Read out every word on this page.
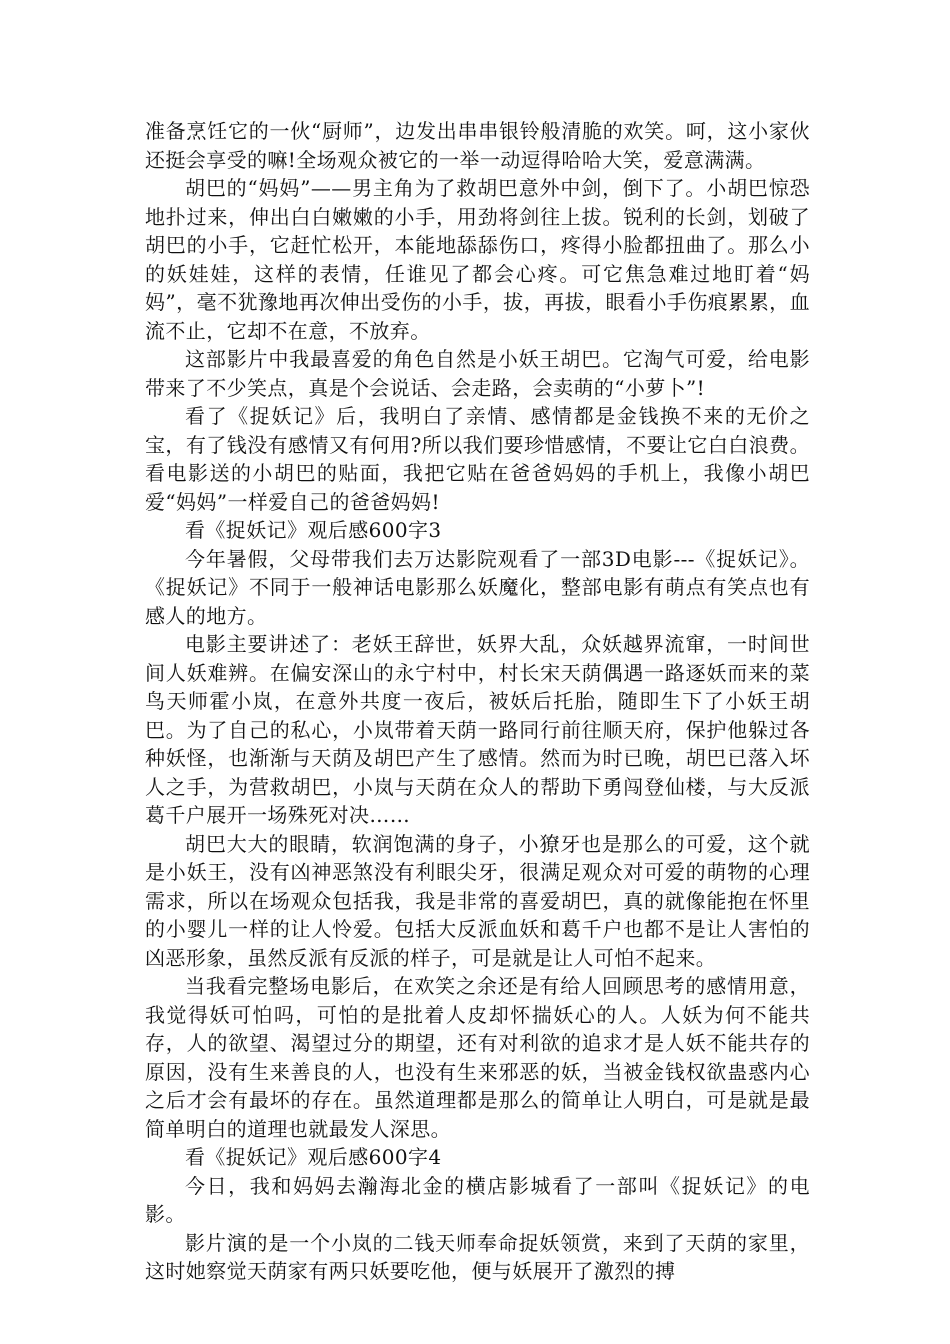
准备烹饪它的一伙“厨师”，边发出串串银铃般清脆的欢笑。呵，这小家伙还挺会享受的嘛!全场观众被它的一举一动逗得哈哈大笑，爱意满满。

胡巴的“妈妈”——男主角为了救胡巴意外中剑，倒下了。小胡巴惊恐地扑过来，伸出白白嫩嫩的小手，用劲将剑往上拔。锐利的长剑，划破了胡巴的小手，它赶忙松开，本能地舔舔伤口，疼得小脸都扭曲了。那么小的妖娃娃，这样的表情，任谁见了都会心疼。可它焦急难过地盯着“妈妈”，毫不犹豫地再次伸出受伤的小手，拔，再拔，眼看小手伤痕累累，血流不止，它却不在意，不放弃。

这部影片中我最喜爱的角色自然是小妖王胡巴。它淘气可爱，给电影带来了不少笑点，真是个会说话、会走路，会卖萌的“小萝卜”!

看了《捉妖记》后，我明白了亲情、感情都是金钱换不来的无价之宝，有了钱没有感情又有何用?所以我们要珍惜感情，不要让它白白浪费。看电影送的小胡巴的贴面，我把它贴在爸爸妈妈的手机上，我像小胡巴爱“妈妈”一样爱自己的爸爸妈妈!

看《捉妖记》观后感600字3

今年暑假，父母带我们去万达影院观看了一部3D电影---《捉妖记》。《捉妖记》不同于一般神话电影那么妖魔化，整部电影有萌点有笑点也有感人的地方。

电影主要讲述了：老妖王辞世，妖界大乱，众妖越界流窜，一时间世间人妖难辨。在偏安深山的永宁村中，村长宋天荫偶遇一路逐妖而来的菜鸟天师霍小岚，在意外共度一夜后，被妖后托胎，随即生下了小妖王胡巴。为了自己的私心，小岚带着天荫一路同行前往顺天府，保护他躲过各种妖怪，也渐渐与天荫及胡巴产生了感情。然而为时已晚，胡巴已落入坏人之手，为营救胡巴，小岚与天荫在众人的帮助下勇闯登仙楼，与大反派葛千户展开一场殊死对决……

胡巴大大的眼睛，软润饱满的身子，小獠牙也是那么的可爱，这个就是小妖王，没有凶神恶煞没有利眼尖牙，很满足观众对可爱的萌物的心理需求，所以在场观众包括我，我是非常的喜爱胡巴，真的就像能抱在怀里的小婴儿一样的让人怜爱。包括大反派血妖和葛千户也都不是让人害怕的凶恶形象，虽然反派有反派的样子，可是就是让人可怕不起来。

当我看完整场电影后，在欢笑之余还是有给人回顾思考的感情用意，我觉得妖可怕吗，可怕的是批着人皮却怀揣妖心的人。人妖为何不能共存，人的欲望、渴望过分的期望，还有对利欲的追求才是人妖不能共存的原因，没有生来善良的人，也没有生来邪恶的妖，当被金钱权欲蛊惑内心之后才会有最坏的存在。虽然道理都是那么的简单让人明白，可是就是最简单明白的道理也就最发人深思。

看《捉妖记》观后感600字4

今日，我和妈妈去瀚海北金的横店影城看了一部叫《捉妖记》的电影。

影片演的是一个小岚的二钱天师奉命捉妖领赏，来到了天荫的家里，这时她察觉天荫家有两只妖要吃他，便与妖展开了激烈的搏
